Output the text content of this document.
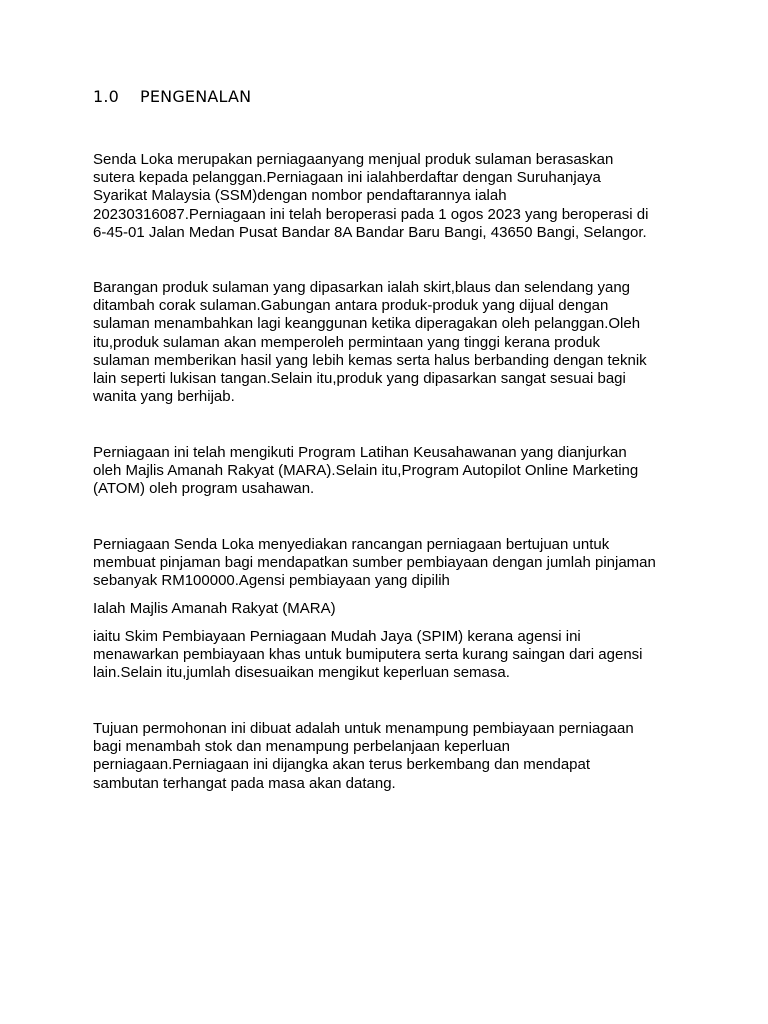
1.0 PENGENALAN

Senda Loka merupakan perniagaanyang menjual produk sulaman berasaskan
sutera kepada pelanggan.Perniagaan ini ialahberdaftar dengan Suruhanjaya
Syarikat Malaysia (SSM)dengan nombor pendaftarannya ialah
20230316087.Perniagaan ini telah beroperasi pada 1 ogos 2023 yang beroperasi di
6-45-01 Jalan Medan Pusat Bandar 8A Bandar Baru Bangi, 43650 Bangi, Selangor.

Barangan produk sulaman yang dipasarkan ialah skirt,blaus dan selendang yang
ditambah corak sulaman.Gabungan antara produk-produk yang dijual dengan
sulaman menambahkan lagi keanggunan ketika diperagakan oleh pelanggan.Oleh
itu,produk sulaman akan memperoleh permintaan yang tinggi kerana produk
sulaman memberikan hasil yang lebih kemas serta halus berbanding dengan teknik
lain seperti lukisan tangan.Selain itu,produk yang dipasarkan sangat sesuai bagi
wanita yang berhijab.

Perniagaan ini telah mengikuti Program Latihan Keusahawanan yang dianjurkan
oleh Majlis Amanah Rakyat (MARA).Selain itu,Program Autopilot Online Marketing
(ATOM) oleh program usahawan.

Perniagaan Senda Loka menyediakan rancangan perniagaan bertujuan untuk
membuat pinjaman bagi mendapatkan sumber pembiayaan dengan jumlah pinjaman
sebanyak RM100000.Agensi pembiayaan yang dipilih

Ialah Majlis Amanah Rakyat (MARA)

iaitu Skim Pembiayaan Perniagaan Mudah Jaya (SPIM) kerana agensi ini
menawarkan pembiayaan khas untuk bumiputera serta kurang saingan dari agensi
lain.Selain itu,jumlah disesuaikan mengikut keperluan semasa.

Tujuan permohonan ini dibuat adalah untuk menampung pembiayaan perniagaan
bagi menambah stok dan menampung perbelanjaan keperluan
perniagaan.Perniagaan ini dijangka akan terus berkembang dan mendapat
sambutan terhangat pada masa akan datang.
